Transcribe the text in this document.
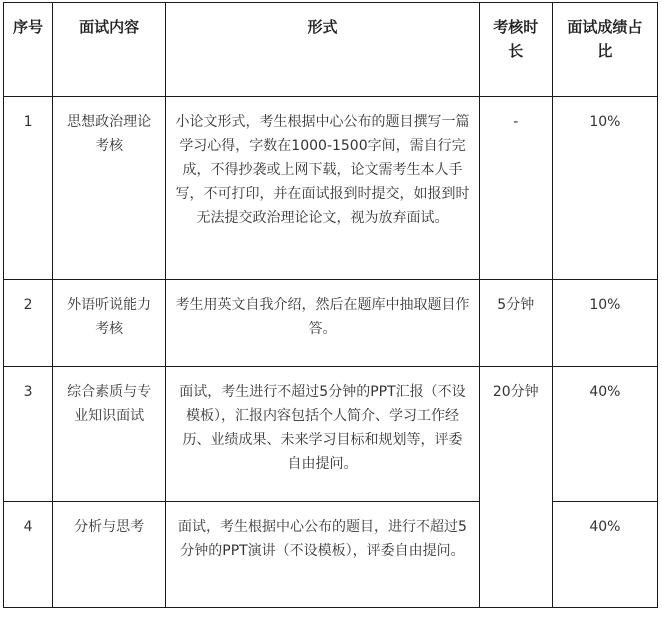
序号	面试内容	形式	考核时长	面试成绩占比
1	思想政治理论考核	小论文形式，考生根据中心公布的题目撰写一篇学习心得，字数在1000-1500字间，需自行完成，不得抄袭或上网下载，论文需考生本人手写，不可打印，并在面试报到时提交，如报到时无法提交政治理论论文，视为放弃面试。	-	10%
2	外语听说能力考核	考生用英文自我介绍，然后在题库中抽取题目作答。	5分钟	10%
3	综合素质与专业知识面试	面试，考生进行不超过5分钟的PPT汇报（不设模板），汇报内容包括个人简介、学习工作经历、业绩成果、未来学习目标和规划等，评委自由提问。	20分钟	40%
4	分析与思考	面试，考生根据中心公布的题目，进行不超过5分钟的PPT演讲（不设模板），评委自由提问。		40%
